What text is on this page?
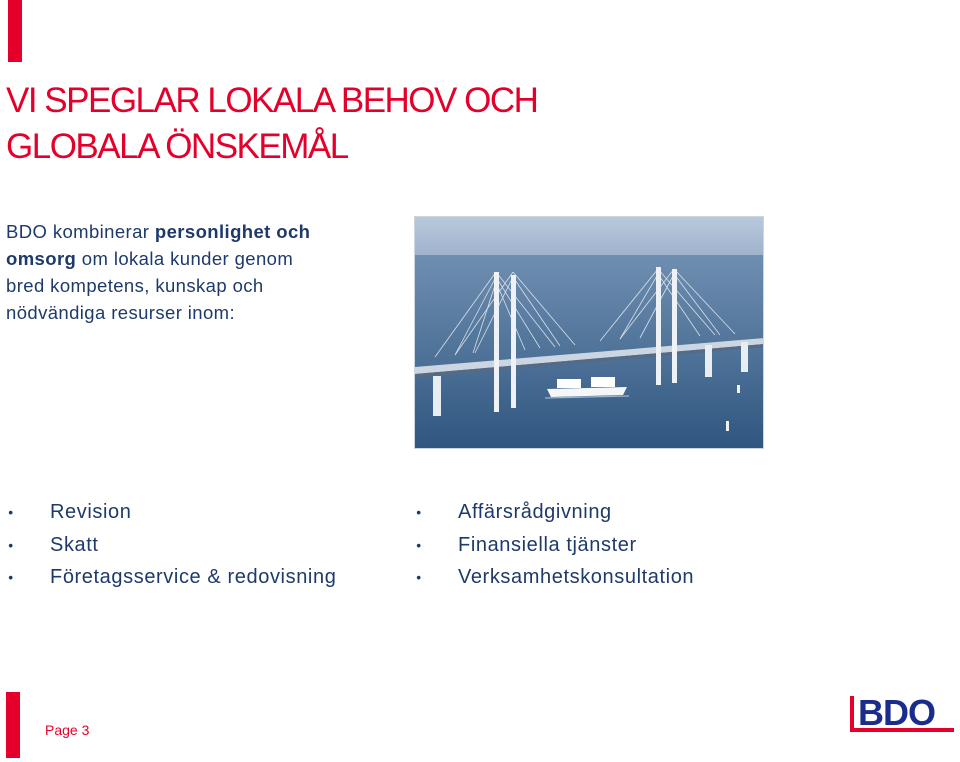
VI SPEGLAR LOKALA BEHOV OCH
GLOBALA ÖNSKEMÅL

BDO kombinerar personlighet och omsorg om lokala kunder genom bred kompetens, kunskap och nödvändiga resurser inom:

• Revision
• Skatt
• Företagsservice & redovisning
• Affärsrådgivning
• Finansiella tjänster
• Verksamhetskonsultation
Page 3	BDO
